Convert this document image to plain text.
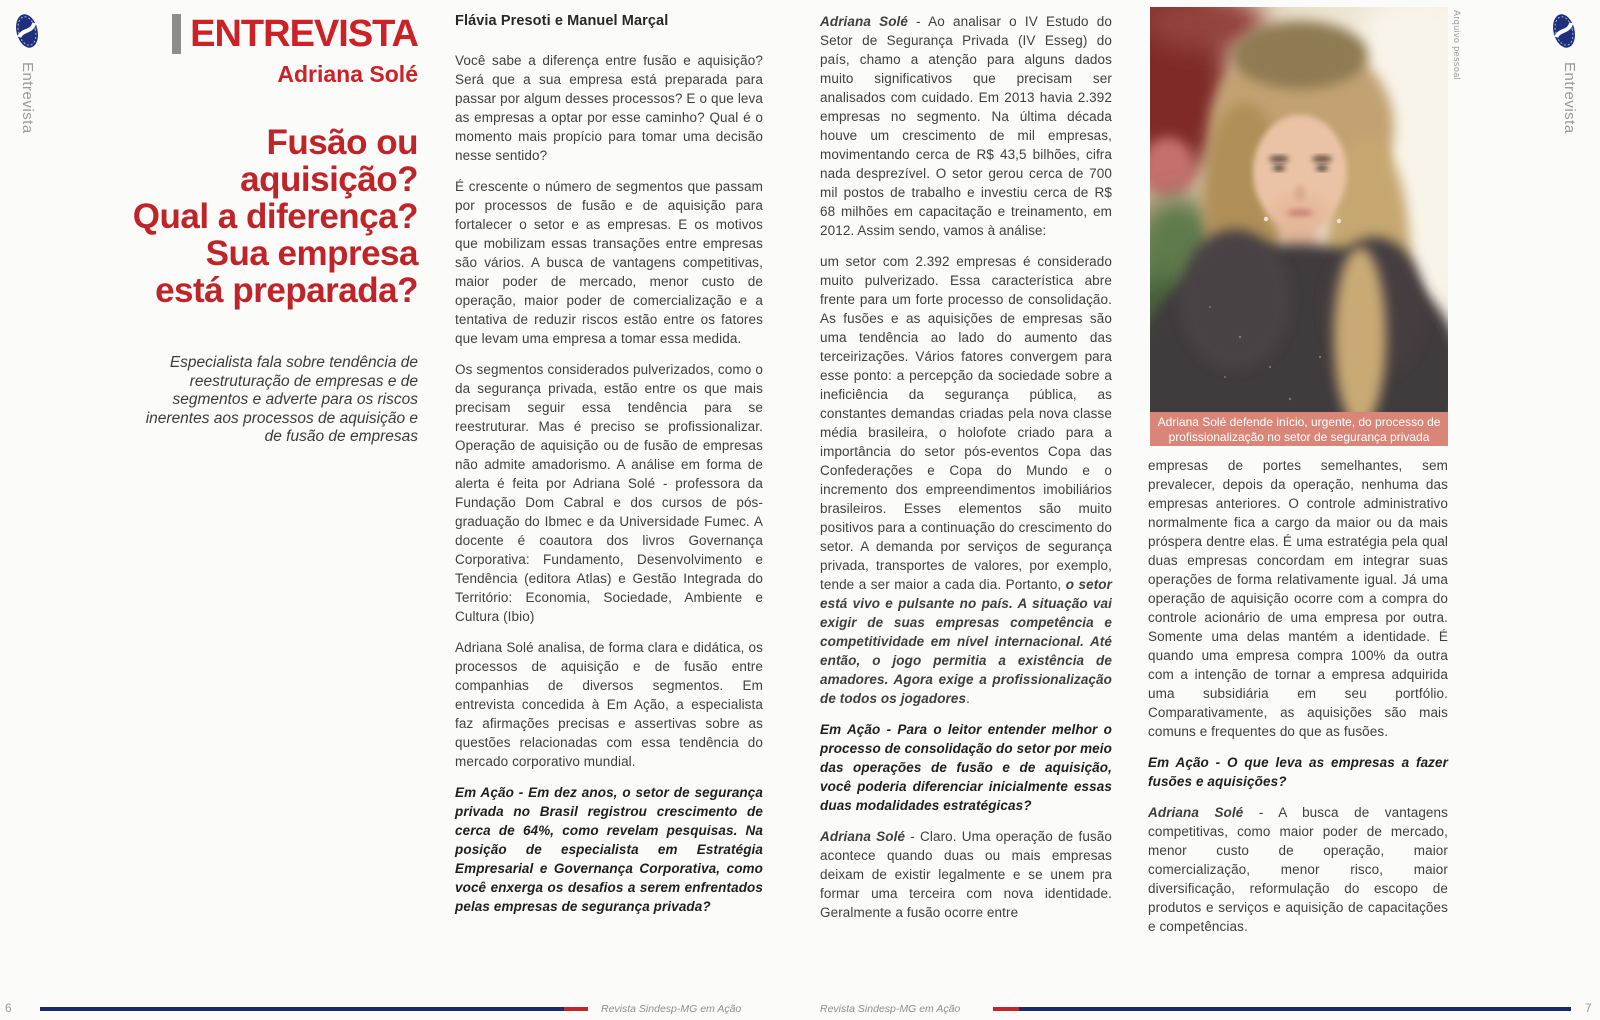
Entrevista	Entrevista
Arquivo pessoal
ENTREVISTA
Adriana Solé
Fusão ou
aquisição?
Qual a diferença?
Sua empresa
está preparada?
Especialista fala sobre tendência de
reestruturação de empresas e de
segmentos e adverte para os riscos
inerentes aos processos de aquisição e
de fusão de empresas

Flávia Presoti e Manuel Marçal

Você sabe a diferença entre fusão e aquisição? Será que a sua empresa está preparada para passar por algum desses processos? E o que leva as empresas a optar por esse caminho? Qual é o momento mais propício para tomar uma decisão nesse sentido?

É crescente o número de segmentos que passam por processos de fusão e de aquisição para fortalecer o setor e as empresas. E os motivos que mobilizam essas transações entre empresas são vários. A busca de vantagens competitivas, maior poder de mercado, menor custo de operação, maior poder de comercialização e a tentativa de reduzir riscos estão entre os fatores que levam uma empresa a tomar essa medida.

Os segmentos considerados pulverizados, como o da segurança privada, estão entre os que mais precisam seguir essa tendência para se reestruturar. Mas é preciso se profissionalizar. Operação de aquisição ou de fusão de empresas não admite amadorismo. A análise em forma de alerta é feita por Adriana Solé - professora da Fundação Dom Cabral e dos cursos de pós-graduação do Ibmec e da Universidade Fumec. A docente é coautora dos livros Governança Corporativa: Fundamento, Desenvolvimento e Tendência (editora Atlas) e Gestão Integrada do Território: Economia, Sociedade, Ambiente e Cultura (Ibio)

Adriana Solé analisa, de forma clara e didática, os processos de aquisição e de fusão entre companhias de diversos segmentos. Em entrevista concedida à Em Ação, a especialista faz afirmações precisas e assertivas sobre as questões relacionadas com essa tendência do mercado corporativo mundial.

Em Ação - Em dez anos, o setor de segurança privada no Brasil registrou crescimento de cerca de 64%, como revelam pesquisas. Na posição de especialista em Estratégia Empresarial e Governança Corporativa, como você enxerga os desafios a serem enfrentados pelas empresas de segurança privada?

Adriana Solé - Ao analisar o IV Estudo do Setor de Segurança Privada (IV Esseg) do país, chamo a atenção para alguns dados muito significativos que precisam ser analisados com cuidado. Em 2013 havia 2.392 empresas no segmento. Na última década houve um crescimento de mil empresas, movimentando cerca de R$ 43,5 bilhões, cifra nada desprezível. O setor gerou cerca de 700 mil postos de trabalho e investiu cerca de R$ 68 milhões em capacitação e treinamento, em 2012. Assim sendo, vamos à análise:

um setor com 2.392 empresas é considerado muito pulverizado. Essa característica abre frente para um forte processo de consolidação. As fusões e as aquisições de empresas são uma tendência ao lado do aumento das terceirizações. Vários fatores convergem para esse ponto: a percepção da sociedade sobre a ineficiência da segurança pública, as constantes demandas criadas pela nova classe média brasileira, o holofote criado para a importância do setor pós-eventos Copa das Confederações e Copa do Mundo e o incremento dos empreendimentos imobiliários brasileiros. Esses elementos são muito positivos para a continuação do crescimento do setor. A demanda por serviços de segurança privada, transportes de valores, por exemplo, tende a ser maior a cada dia. Portanto, o setor está vivo e pulsante no país. A situação vai exigir de suas empresas competência e competitividade em nível internacional. Até então, o jogo permitia a existência de amadores. Agora exige a profissionalização de todos os jogadores.

Em Ação - Para o leitor entender melhor o processo de consolidação do setor por meio das operações de fusão e de aquisição, você poderia diferenciar inicialmente essas duas modalidades estratégicas?

Adriana Solé - Claro. Uma operação de fusão acontece quando duas ou mais empresas deixam de existir legalmente e se unem pra formar uma terceira com nova identidade. Geralmente a fusão ocorre entre

empresas de portes semelhantes, sem prevalecer, depois da operação, nenhuma das empresas anteriores. O controle administrativo normalmente fica a cargo da maior ou da mais próspera dentre elas. É uma estratégia pela qual duas empresas concordam em integrar suas operações de forma relativamente igual. Já uma operação de aquisição ocorre com a compra do controle acionário de uma empresa por outra. Somente uma delas mantém a identidade. É quando uma empresa compra 100% da outra com a intenção de tornar a empresa adquirida uma subsidiária em seu portfólio. Comparativamente, as aquisições são mais comuns e frequentes do que as fusões.

Em Ação - O que leva as empresas a fazer fusões e aquisições?

Adriana Solé - A busca de vantagens competitivas, como maior poder de mercado, menor custo de operação, maior comercialização, menor risco, maior diversificação, reformulação do escopo de produtos e serviços e aquisição de capacitações e competências.

Adriana Solé defende início, urgente, do processo de
profissionalização no setor de segurança privada
6	Revista Sindesp-MG em Ação	Revista Sindesp-MG em Ação	7
